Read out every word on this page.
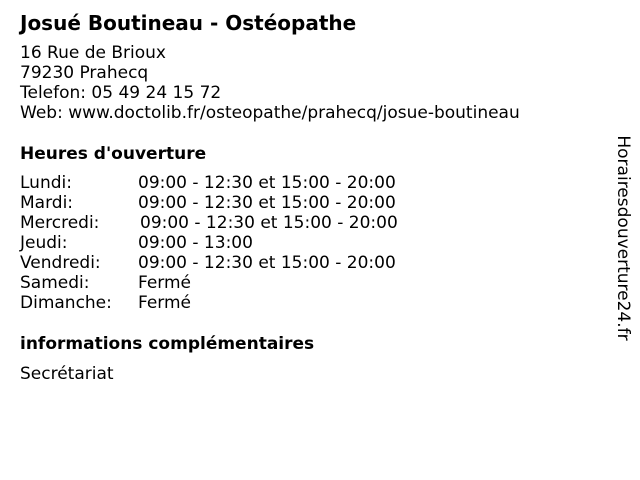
Josué Boutineau - Ostéopathe
16 Rue de Brioux
79230 Prahecq
Telefon: 05 49 24 15 72
Web: www.doctolib.fr/osteopathe/prahecq/josue-boutineau
Heures d'ouverture
Lundi:	09:00 - 12:30 et 15:00 - 20:00
Mardi:	09:00 - 12:30 et 15:00 - 20:00
Mercredi: 09:00 - 12:30 et 15:00 - 20:00
Jeudi:	09:00 - 13:00
Vendredi: 09:00 - 12:30 et 15:00 - 20:00
Samedi:	Fermé
Dimanche: Fermé
informations complémentaires
Secrétariat
Horairesdouverture24.fr
